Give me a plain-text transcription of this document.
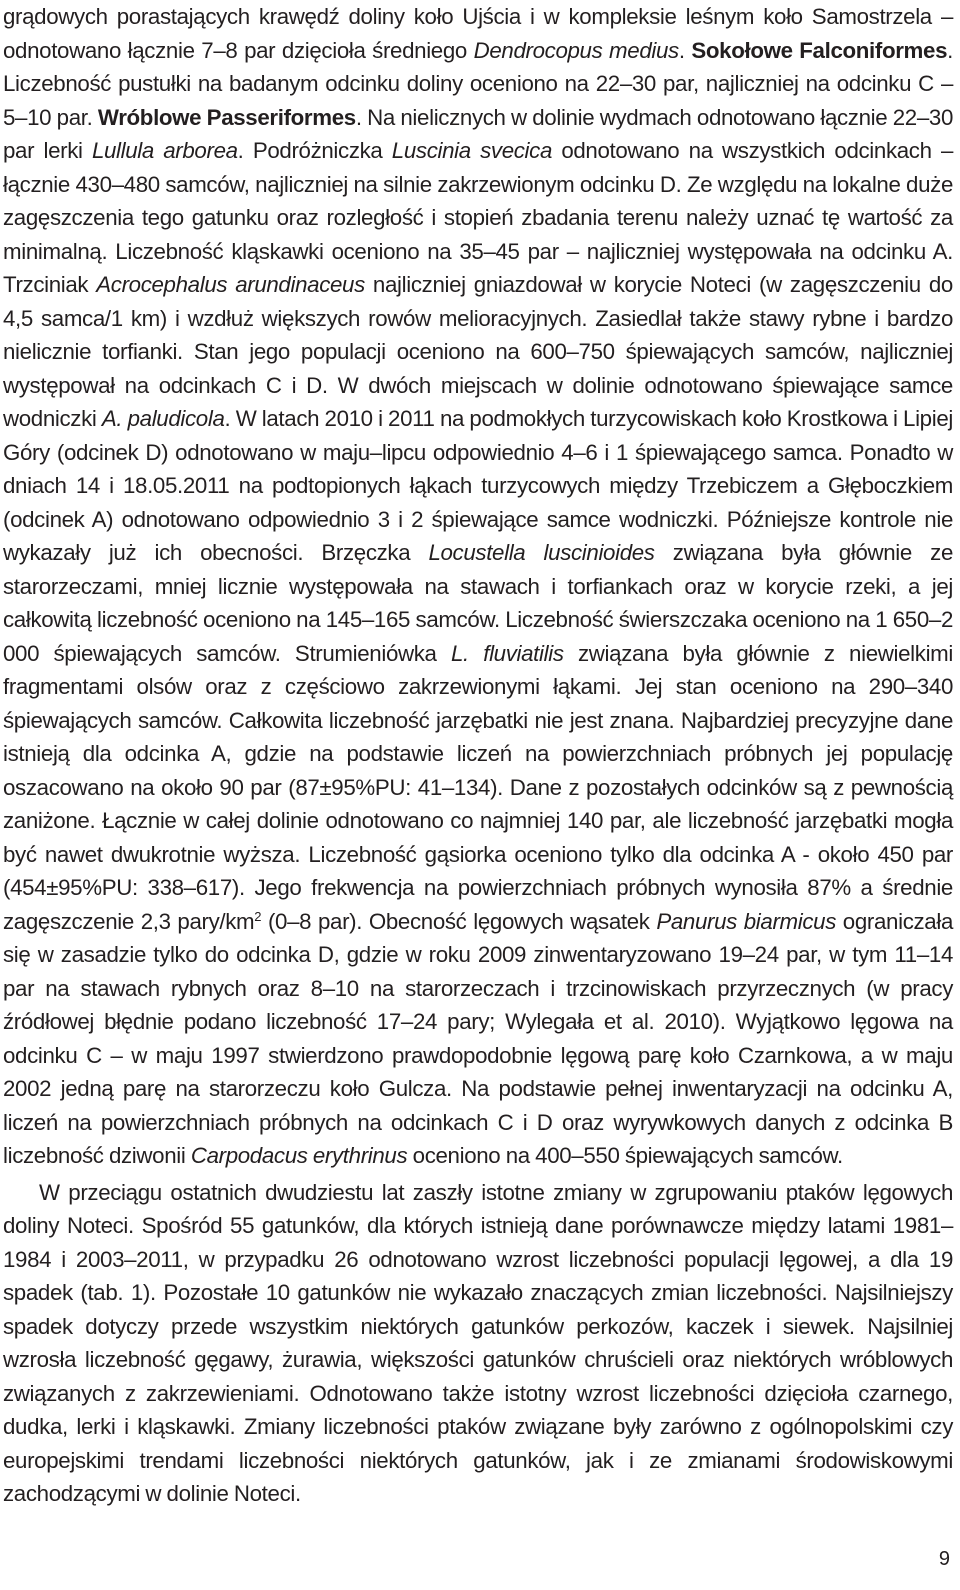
grądowych porastających krawędź doliny koło Ujścia i w kompleksie leśnym koło Samostrzela – odnotowano łącznie 7–8 par dzięcioła średniego Dendrocopus medius. Sokołowe Falconiformes. Liczebność pustułki na badanym odcinku doliny oceniono na 22–30 par, najliczniej na odcinku C – 5–10 par. Wróblowe Passeriformes. Na nielicznych w dolinie wydmach odnotowano łącznie 22–30 par lerki Lullula arborea. Podróżniczka Luscinia svecica odnotowano na wszystkich odcinkach – łącznie 430–480 samców, najliczniej na silnie zakrzewionym odcinku D. Ze względu na lokalne duże zagęszczenia tego gatunku oraz rozległość i stopień zbadania terenu należy uznać tę wartość za minimalną. Liczebność kląskawki oceniono na 35–45 par – najliczniej występowała na odcinku A. Trzciniak Acrocephalus arundinaceus najliczniej gniazdował w korycie Noteci (w zagęszczeniu do 4,5 samca/1 km) i wzdłuż większych rowów melioracyjnych. Zasiedlał także stawy rybne i bardzo nielicznie torfianki. Stan jego populacji oceniono na 600–750 śpiewających samców, najliczniej występował na odcinkach C i D. W dwóch miejscach w dolinie odnotowano śpiewające samce wodniczki A. paludicola. W latach 2010 i 2011 na podmokłych turzycowiskach koło Krostkowa i Lipiej Góry (odcinek D) odnotowano w maju–lipcu odpowiednio 4–6 i 1 śpiewającego samca. Ponadto w dniach 14 i 18.05.2011 na podtopionych łąkach turzycowych między Trzebiczem a Głęboczkiem (odcinek A) odnotowano odpowiednio 3 i 2 śpiewające samce wodniczki. Późniejsze kontrole nie wykazały już ich obecności. Brzęczka Locustella luscinioides związana była głównie ze starorzeczami, mniej licznie występowała na stawach i torfiankach oraz w korycie rzeki, a jej całkowitą liczebność oceniono na 145–165 samców. Liczebność świerszczaka oceniono na 1 650–2 000 śpiewających samców. Strumieniówka L. fluviatilis związana była głównie z niewielkimi fragmentami olsów oraz z częściowo zakrzewionymi łąkami. Jej stan oceniono na 290–340 śpiewających samców. Całkowita liczebność jarzębatki nie jest znana. Najbardziej precyzyjne dane istnieją dla odcinka A, gdzie na podstawie liczeń na powierzchniach próbnych jej populację oszacowano na około 90 par (87±95%PU: 41–134). Dane z pozostałych odcinków są z pewnością zaniżone. Łącznie w całej dolinie odnotowano co najmniej 140 par, ale liczebność jarzębatki mogła być nawet dwukrotnie wyższa. Liczebność gąsiorka oceniono tylko dla odcinka A - około 450 par (454±95%PU: 338–617). Jego frekwencja na powierzchniach próbnych wynosiła 87% a średnie zagęszczenie 2,3 pary/$km^2$ (0–8 par). Obecność lęgowych wąsatek Panurus biarmicus ograniczała się w zasadzie tylko do odcinka D, gdzie w roku 2009 zinwentaryzowano 19–24 par, w tym 11–14 par na stawach rybnych oraz 8–10 na starorzeczach i trzcinowiskach przyrzecznych (w pracy źródłowej błędnie podano liczebność 17–24 pary; Wylegała et al. 2010). Wyjątkowo lęgowa na odcinku C – w maju 1997 stwierdzono prawdopodobnie lęgową parę koło Czarnkowa, a w maju 2002 jedną parę na starorzeczu koło Gulcza. Na podstawie pełnej inwentaryzacji na odcinku A, liczeń na powierzchniach próbnych na odcinkach C i D oraz wyrywkowych danych z odcinka B liczebność dziwonii Carpodacus erythrinus oceniono na 400–550 śpiewających samców.

W przeciągu ostatnich dwudziestu lat zaszły istotne zmiany w zgrupowaniu ptaków lęgowych doliny Noteci. Spośród 55 gatunków, dla których istnieją dane porównawcze między latami 1981–1984 i 2003–2011, w przypadku 26 odnotowano wzrost liczebności populacji lęgowej, a dla 19 spadek (tab. 1). Pozostałe 10 gatunków nie wykazało znaczących zmian liczebności. Najsilniejszy spadek dotyczy przede wszystkim niektórych gatunków perkozów, kaczek i siewek. Najsilniej wzrosła liczebność gęgawy, żurawia, większości gatunków chruścieli oraz niektórych wróblowych związanych z zakrzewieniami. Odnotowano także istotny wzrost liczebności dzięcioła czarnego, dudka, lerki i kląskawki. Zmiany liczebności ptaków związane były zarówno z ogólnopolskimi czy europejskimi trendami liczebności niektórych gatunków, jak i ze zmianami środowiskowymi zachodzącymi w dolinie Noteci.

9
